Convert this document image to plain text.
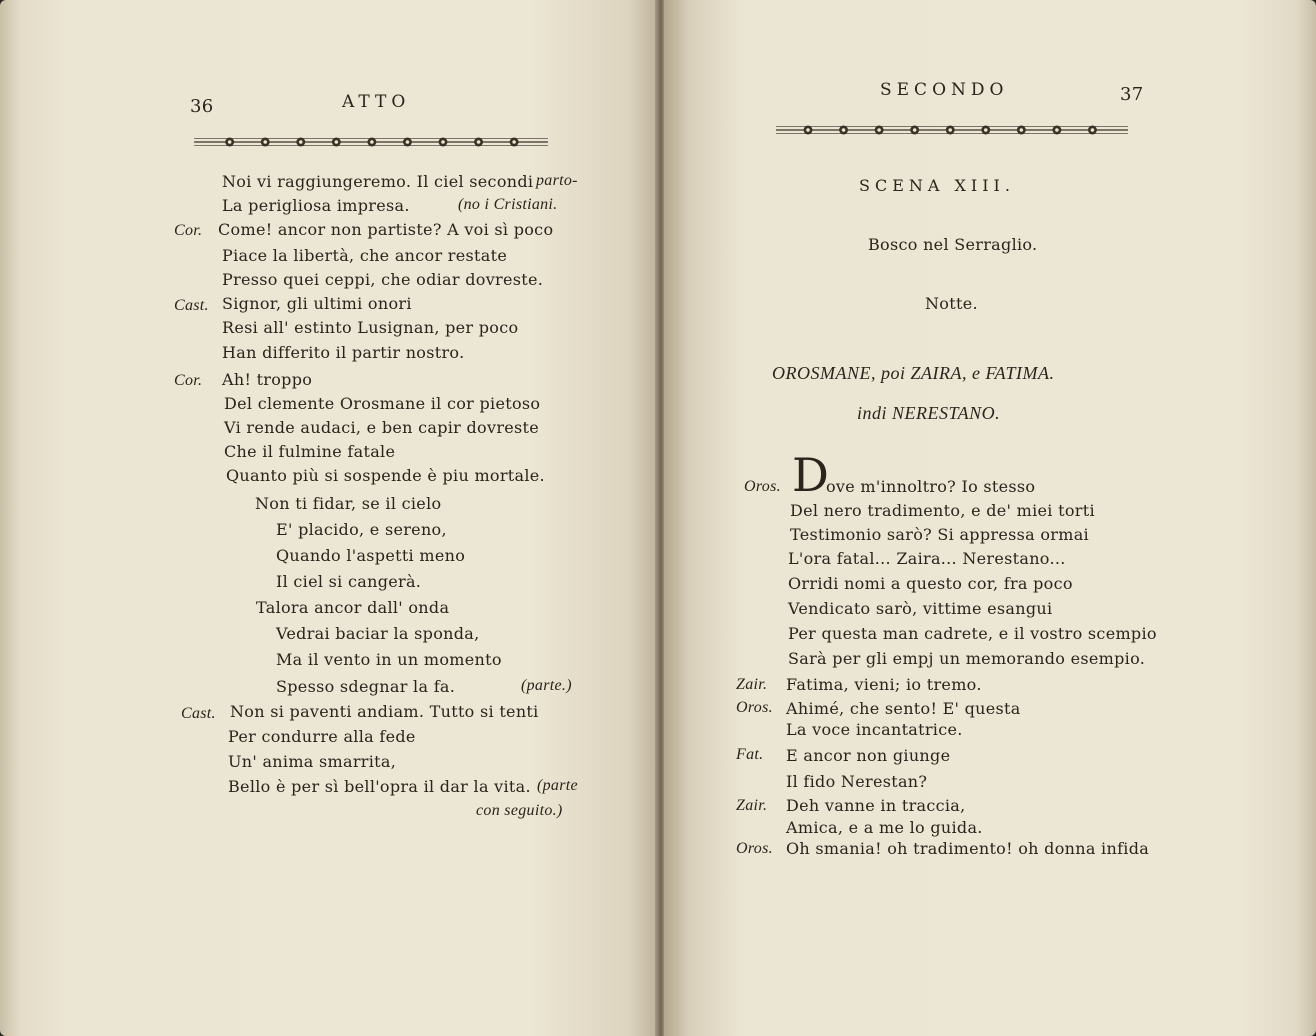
36	ATTO
Noi vi raggiungeremo. Il ciel secondi parto-
La perigliosa impresa.	(no i Cristiani.
Cor. Come! ancor non partiste? A voi sì poco
Piace la libertà, che ancor restate
Presso quei ceppi, che odiar dovreste.
Cast. Signor, gli ultimi onori
Resi all' estinto Lusignan, per poco
Han differito il partir nostro.
Cor. Ah! troppo
Del clemente Orosmane il cor pietoso
Vi rende audaci, e ben capir dovreste
Che il fulmine fatale
Quanto più si sospende è piu mortale.
Non ti fidar, se il cielo
E' placido, e sereno,
Quando l'aspetti meno
Il ciel si cangerà.
Talora ancor dall' onda
Vedrai baciar la sponda,
Ma il vento in un momento
Spesso sdegnar la fa.	(parte.)
Cast. Non si paventi andiam. Tutto si tenti
Per condurre alla fede
Un' anima smarrita,
Bello è per sì bell'opra il dar la vita. (parte
con seguito.)
SECONDO	37
SCENA XIII.
Bosco nel Serraglio.
Notte.
OROSMANE, poi ZAIRA, e FATIMA.
indi NERESTANO.
Oros. D
ove m'innoltro? Io stesso
Del nero tradimento, e de' miei torti
Testimonio sarò? Si appressa ormai
L'ora fatal... Zaira... Nerestano...
Orridi nomi a questo cor, fra poco
Vendicato sarò, vittime esangui
Per questa man cadrete, e il vostro scempio
Sarà per gli empj un memorando esempio.
Zair. Fatima, vieni; io tremo.
Oros. Ahimé, che sento! E' questa
La voce incantatrice.
Fat. E ancor non giunge
Il fido Nerestan?
Zair. Deh vanne in traccia,
Amica, e a me lo guida.
Oros. Oh smania! oh tradimento! oh donna infida
